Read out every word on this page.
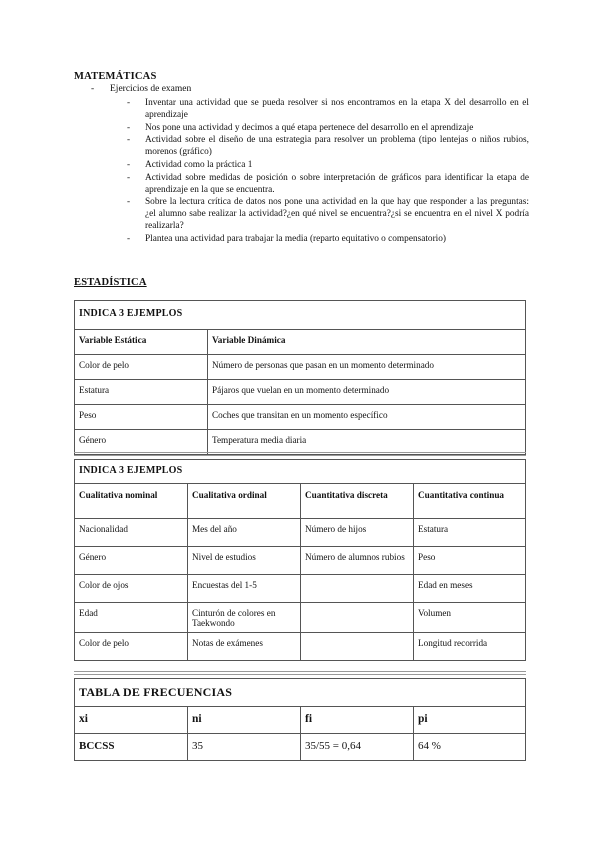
MATEMÁTICAS
- Ejercicios de examen
- Inventar una actividad que se pueda resolver si nos encontramos en la etapa X del desarrollo en el aprendizaje
- Nos pone una actividad y decimos a qué etapa pertenece del desarrollo en el aprendizaje
- Actividad sobre el diseño de una estrategia para resolver un problema (tipo lentejas o niños rubios, morenos (gráfico)
- Actividad como la práctica 1
- Actividad sobre medidas de posición o sobre interpretación de gráficos para identificar la etapa de aprendizaje en la que se encuentra.
- Sobre la lectura crítica de datos nos pone una actividad en la que hay que responder a las preguntas: ¿el alumno sabe realizar la actividad?¿en qué nivel se encuentra?¿si se encuentra en el nivel X podría realizarla?
- Plantea una actividad para trabajar la media (reparto equitativo o compensatorio)
ESTADÍSTICA
INDICA 3 EJEMPLOS	
Variable Estática	Variable Dinámica
Color de pelo	Número de personas que pasan en un momento determinado
Estatura	Pájaros que vuelan en un momento determinado
Peso	Coches que transitan en un momento específico
Género	Temperatura media diaria
INDICA 3 EJEMPLOS			
Cualitativa nominal	Cualitativa ordinal	Cuantitativa discreta	Cuantitativa continua
Nacionalidad	Mes del año	Número de hijos	Estatura
Género	Nivel de estudios	Número de alumnos rubios	Peso
Color de ojos	Encuestas del 1-5		Edad en meses
Edad	Cinturón de colores en Taekwondo		Volumen
Color de pelo	Notas de exámenes		Longitud recorrida
TABLA DE FRECUENCIAS			
xi	ni	fi	pi
BCCSS	35	35/55 = 0,64	64 %
